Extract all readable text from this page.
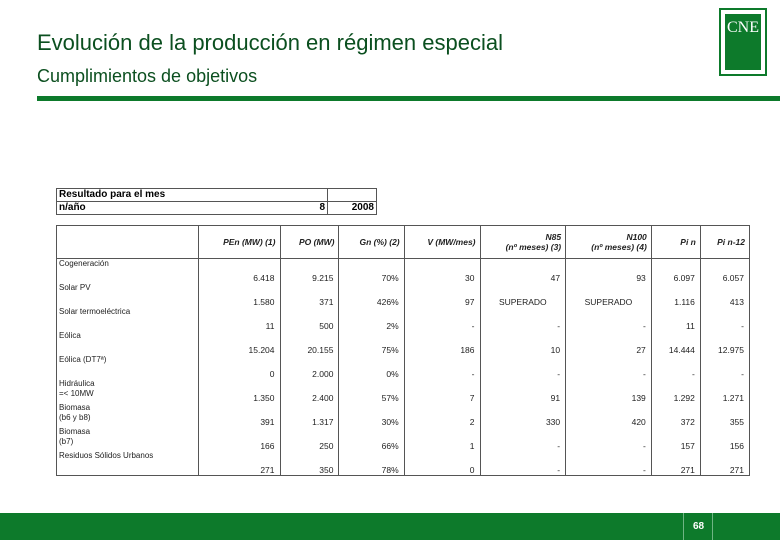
Evolución de la producción en régimen especial
Cumplimientos de objetivos
CNE
Resultado para el mes	
n/año 8	2008
	PEn (MW) (1)	PO (MW)	Gn (%) (2)	V (MW/mes)	N85
(nº meses) (3)	N100
(nº meses) (4)	Pi n	Pi n-12
Cogeneración	6.418	9.215	70%	30	47	93	6.097	6.057
Solar PV	1.580	371	426%	97	SUPERADO	SUPERADO	1.116	413
Solar termoeléctrica	11	500	2%	-	-	-	11	-
Eólica	15.204	20.155	75%	186	10	27	14.444	12.975
Eólica (DT7ª)	0	2.000	0%	-	-	-	-	-
Hidráulica
=< 10MW	1.350	2.400	57%	7	91	139	1.292	1.271
Biomasa
(b6 y b8)	391	1.317	30%	2	330	420	372	355
Biomasa
(b7)	166	250	66%	1	-	-	157	156
Residuos Sólidos Urbanos	271	350	78%	0	-	-	271	271
68
